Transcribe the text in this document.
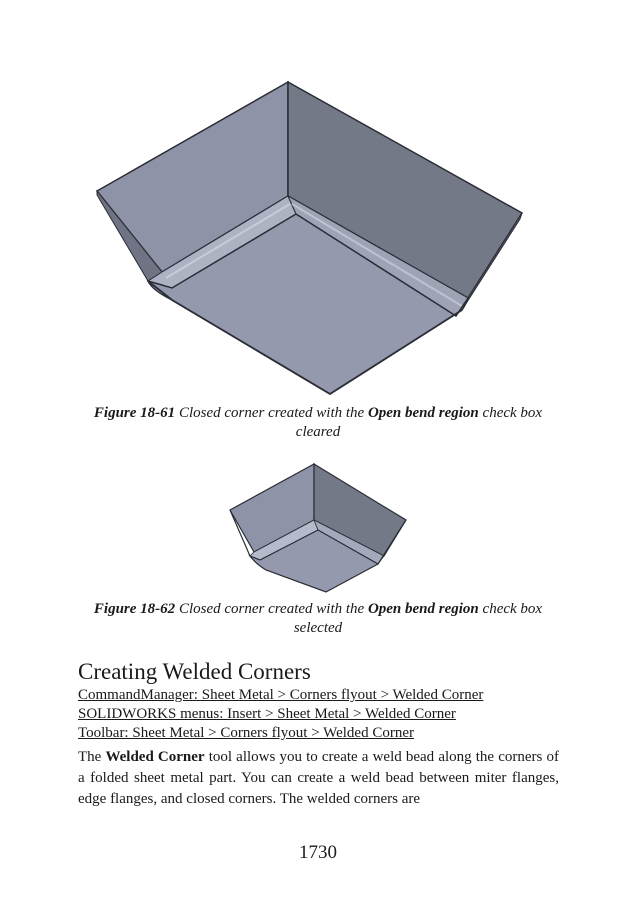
Figure 18-61 Closed corner created with the Open bend region check box cleared
Figure 18-62 Closed corner created with the Open bend region check box selected
Creating Welded Corners
CommandManager: Sheet Metal > Corners flyout > Welded Corner
SOLIDWORKS menus: Insert > Sheet Metal > Welded Corner
Toolbar: Sheet Metal > Corners flyout > Welded Corner

The Welded Corner tool allows you to create a weld bead along the corners of a folded sheet metal part. You can create a weld bead between miter flanges, edge flanges, and closed corners. The welded corners are

1730
